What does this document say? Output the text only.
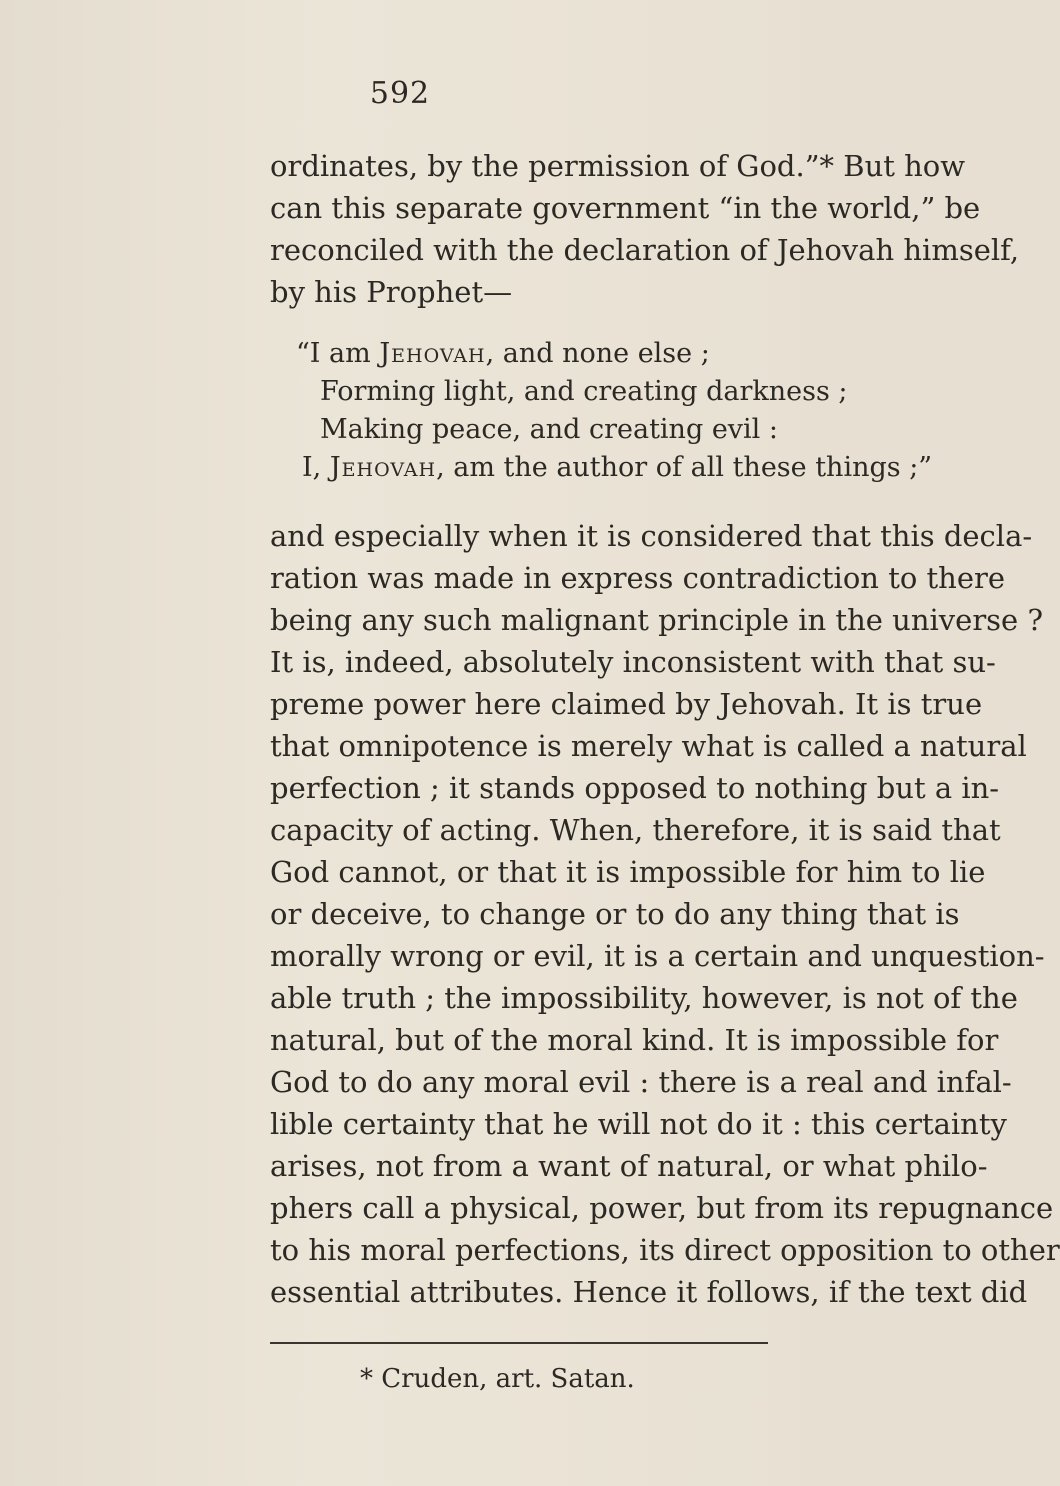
592
ordinates, by the permission of God.”* But how
can this separate government “in the world,” be
reconciled with the declaration of Jehovah himself,
by his Prophet—
“I am Jehovah, and none else ;
Forming light, and creating darkness ;
Making peace, and creating evil :
I, Jehovah, am the author of all these things ;”
and especially when it is considered that this decla-
ration was made in express contradiction to there
being any such malignant principle in the universe ?
It is, indeed, absolutely inconsistent with that su-
preme power here claimed by Jehovah. It is true
that omnipotence is merely what is called a natural
perfection ; it stands opposed to nothing but a in-
capacity of acting. When, therefore, it is said that
God cannot, or that it is impossible for him to lie
or deceive, to change or to do any thing that is
morally wrong or evil, it is a certain and unquestion-
able truth ; the impossibility, however, is not of the
natural, but of the moral kind. It is impossible for
God to do any moral evil : there is a real and infal-
lible certainty that he will not do it : this certainty
arises, not from a want of natural, or what philo-
phers call a physical, power, but from its repugnance
to his moral perfections, its direct opposition to other
essential attributes. Hence it follows, if the text did
* Cruden, art. Satan.
